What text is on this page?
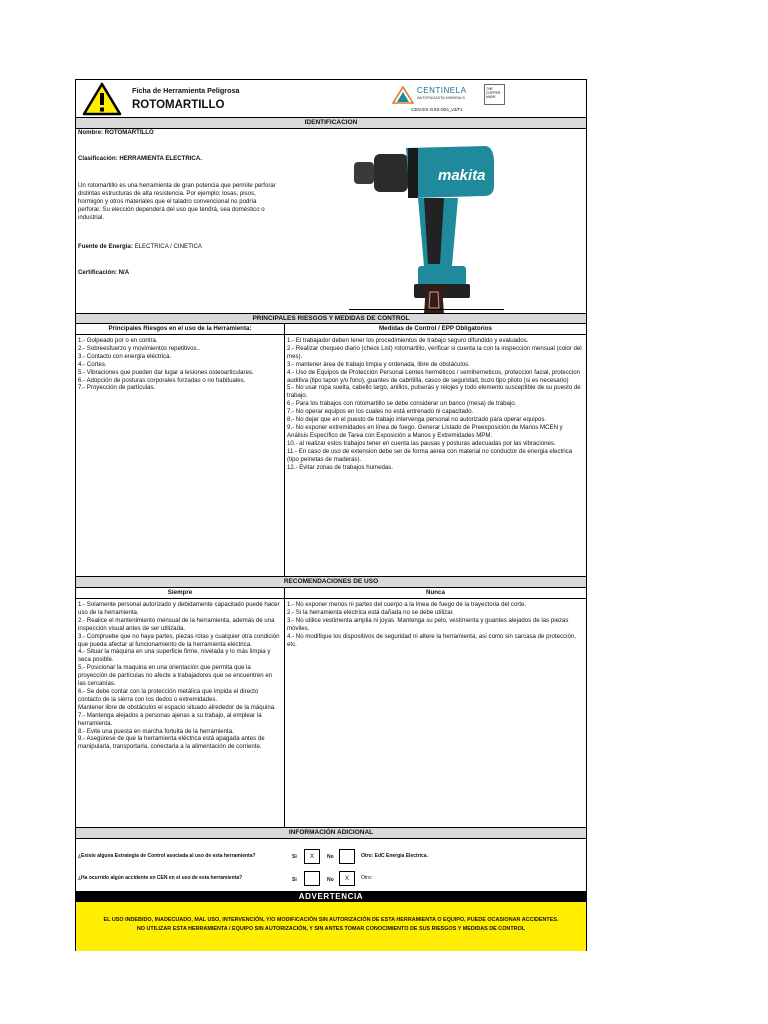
Ficha de Herramienta Peligrosa
ROTOMARTILLO
CENTINELA
ANTOFAGASTA MINERALS
THE
COPPER
MARK
CEN-ES-GSS-004_v3/F1
IDENTIFICACION
Nombre: ROTOMARTILLO
Clasificación: HERRAMIENTA ELECTRICA.
Un rotomartillo es una herramienta de gran potencia que permite perforar distintas estructuras de alta resistencia. Por ejemplo: losas, pisos, hormigón y otros materiales que el taladro convencional no podría perforar. Su elección dependerá del uso que tendrá, sea doméstico o industrial.
Fuente de Energía: ELECTRICA / CINETICA
Certificación: N/A
makita
PRINCIPALES RIESGOS Y MEDIDAS DE CONTROL
Principales Riesgos en el uso de la Herramienta:	Medidas de Control / EPP Obligatorios
1.- Golpeado por o en contra.
2.- Sobreesfuerzo y movimientos repetitivos..
3.- Contacto con energía eléctrica.
4.- Cortes.
5.- Vibraciones que pueden dar lugar a lesiones osteoarticulares.
6.- Adopción de posturas corporales forzadas o no habituales.
7.- Proyección de partículas.
1.- El trabajador deben tener los procedimientos de trabajo seguro difundido y evaluados.
2.- Realizar chequeo diario (check List) rotomartillo, verificar si cuenta la con la inspección mensual (color del mes).
3.- mantener área de trabajo limpia y ordenada, libre de obstáculos.
4.- Uso de Equipos de Protección Personal Lentes herméticos / semiherneticos, proteccion facial, proteccion auditiva (tipo tapon y/o fono), guantes de cabritilla, casco de seguridad, buzo tipo piloto (si es necesario)
5.- No usar ropa suelta, cabello largo, anillos, pulseras y relojes y todo elemento susceptible de su puesto de trabajo.
6.- Para los trabajos con rotomartillo se debe considerar un banco (mesa) de trabajo.
7.- No operar equipos en los cuales no está entrenado ni capacitado.
8.- No dejar que en el puesto de trabajo intervenga personal no autorizado para operar equipos.
9.- No exponer extremidades en línea de fuego. Generar Listado de Preexposición de Manos MCEN y Análisis Específico de Tarea con Exposición a Manos y Extremidades MPM.
10.- al realizar estos trabajos tener en cuenta las pausas y posturas adecuadas por las vibraciones.
11.- En caso de uso de extension debe ser de forma aerea con material no conductor de energia electrica (tipo peinetas de maderas).
12.- Evitar zonas de trabajos humedas.
RECOMENDACIONES DE USO
Siempre	Nunca
1.- Solamente personal autorizado y debidamente capacitado puede hacer uso de la herramienta.
2.- Realice el mantenimiento mensual de la herramienta, además de una inspección visual antes de ser utilizada.
3.- Compruebe que no haya partes, piezas rotas y cualquier otra condición que pueda afectar al funcionamiento de la herramienta eléctrica.
4.- Situar la máquina en una superficie firme, nivelada y lo más limpia y seca posible.
5.- Posicionar la maquina en una orientación que permita que la proyección de partículas no afecte a trabajadores que se encuentren en las cercanías.
6.- Se debe contar con la protección metálica que impida el directo contacto de la sierra con los dedos o extremidades.
Mantener libre de obstáculos el espacio situado alrededor de la máquina.
7.- Mantenga alejados a personas ajenas a su trabajo, al emplear la herramienta.
8.- Evite una puesta en marcha fortuita de la herramienta.
9.- Asegúrese de que la herramienta eléctrica está apagada antes de manipularla, transportarla, conectarla a la alimentación de corriente.
1.- No exponer menos ni partes del cuerpo a la línea de fuego de la trayectoria del corte.
2.- Si la herramienta eléctrica está dañada no se debe utilizar.
3.- No utilice vestimenta amplia ni joyas. Mantenga su pelo, vestimenta y guantes alejados de las piezas móviles.
4.- No modifique los dispositivos de seguridad ni altere la herramienta, así como sin carcasa de protección, etc.
INFORMACIÓN ADICIONAL
¿Existe alguna Estrategia de Control asociada al uso de esta herramienta?	Si	X	No	Otro: EdC Energía Electrica.
¿Ha ocurrido algún accidente en CEN en el uso de esta herramienta?	Si	No	X	Otro:
ADVERTENCIA
EL USO INDEBIDO, INADECUADO, MAL USO, INTERVENCIÓN, Y/O MODIFICACIÓN SIN AUTORIZACIÓN DE ESTA HERRAMIENTA O EQUIPO, PUEDE OCASIONAR ACCIDENTES. NO UTILIZAR ESTA HERRAMIENTA / EQUIPO SIN AUTORIZACIÓN, Y SIN ANTES TOMAR CONOCIMIENTO DE SUS RIESGOS Y MEDIDAS DE CONTROL
